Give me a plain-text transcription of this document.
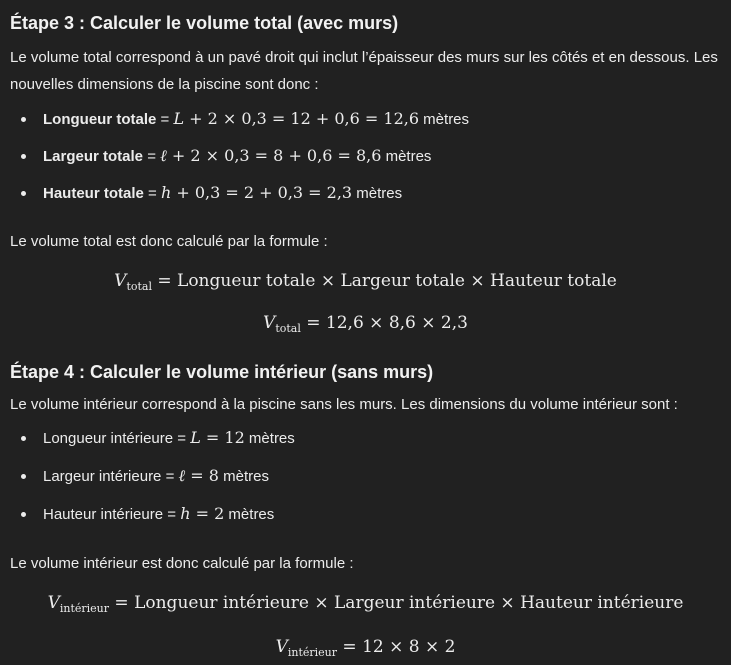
Étape 3 : Calculer le volume total (avec murs)

Le volume total correspond à un pavé droit qui inclut l’épaisseur des murs sur les côtés et en dessous. Les nouvelles dimensions de la piscine sont donc :

Longueur totale = L + 2 × 0,3 = 12 + 0,6 = 12,6 mètres
Largeur totale = ℓ + 2 × 0,3 = 8 + 0,6 = 8,6 mètres
Hauteur totale = h + 0,3 = 2 + 0,3 = 2,3 mètres

Le volume total est donc calculé par la formule :

$V_{total}$ = Longueur totale × Largeur totale × Hauteur totale
$V_{total} = 12,6 \times 8,6 \times 2,3$
Étape 4 : Calculer le volume intérieur (sans murs)

Le volume intérieur correspond à la piscine sans les murs. Les dimensions du volume intérieur sont :

Longueur intérieure = L = 12 mètres
Largeur intérieure = ℓ = 8 mètres
Hauteur intérieure = h = 2 mètres

Le volume intérieur est donc calculé par la formule :

$V_{intérieur}$ = Longueur intérieure × Largeur intérieure × Hauteur intérieure
$V_{intérieur} = 12 \times 8 \times 2$
